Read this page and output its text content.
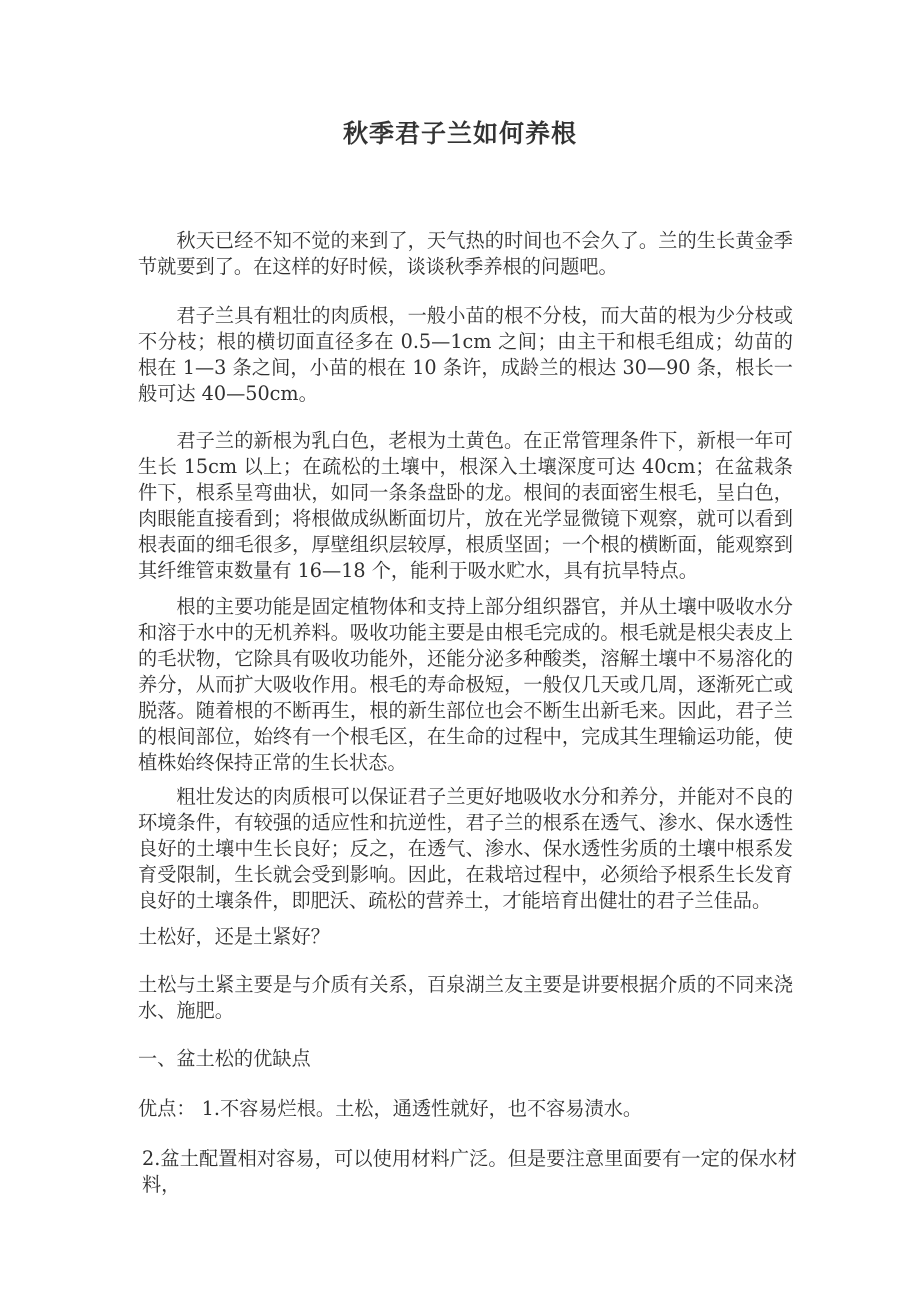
秋季君子兰如何养根

秋天已经不知不觉的来到了，天气热的时间也不会久了。兰的生长黄金季节就要到了。在这样的好时候，谈谈秋季养根的问题吧。

君子兰具有粗壮的肉质根，一般小苗的根不分枝，而大苗的根为少分枝或不分枝；根的横切面直径多在 0.5—1cm 之间；由主干和根毛组成；幼苗的根在 1—3 条之间，小苗的根在 10 条许，成龄兰的根达 30—90 条，根长一般可达 40—50cm。

君子兰的新根为乳白色，老根为土黄色。在正常管理条件下，新根一年可生长 15cm 以上；在疏松的土壤中，根深入土壤深度可达 40cm；在盆栽条件下，根系呈弯曲状，如同一条条盘卧的龙。根间的表面密生根毛，呈白色，肉眼能直接看到；将根做成纵断面切片，放在光学显微镜下观察，就可以看到根表面的细毛很多，厚壁组织层较厚，根质坚固；一个根的横断面，能观察到其纤维管束数量有 16—18 个，能利于吸水贮水，具有抗旱特点。

根的主要功能是固定植物体和支持上部分组织器官，并从土壤中吸收水分和溶于水中的无机养料。吸收功能主要是由根毛完成的。根毛就是根尖表皮上的毛状物，它除具有吸收功能外，还能分泌多种酸类，溶解土壤中不易溶化的养分，从而扩大吸收作用。根毛的寿命极短，一般仅几天或几周，逐渐死亡或脱落。随着根的不断再生，根的新生部位也会不断生出新毛来。因此，君子兰的根间部位，始终有一个根毛区，在生命的过程中，完成其生理输运功能，使植株始终保持正常的生长状态。

粗壮发达的肉质根可以保证君子兰更好地吸收水分和养分，并能对不良的环境条件，有较强的适应性和抗逆性，君子兰的根系在透气、渗水、保水透性良好的土壤中生长良好；反之，在透气、渗水、保水透性劣质的土壤中根系发育受限制，生长就会受到影响。因此，在栽培过程中，必须给予根系生长发育良好的土壤条件，即肥沃、疏松的营养土，才能培育出健壮的君子兰佳品。

土松好，还是土紧好？

土松与土紧主要是与介质有关系，百泉湖兰友主要是讲要根据介质的不同来浇水、施肥。

一、盆土松的优缺点

优点： 1.不容易烂根。土松，通透性就好，也不容易渍水。

2.盆土配置相对容易，可以使用材料广泛。但是要注意里面要有一定的保水材料，
